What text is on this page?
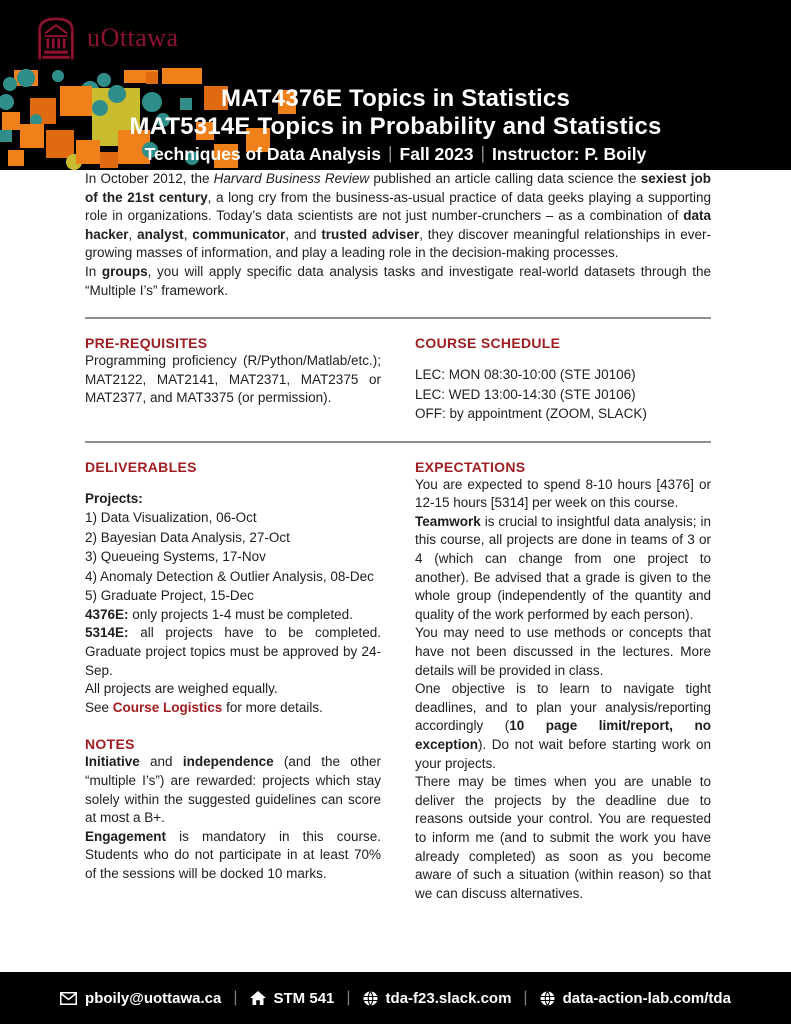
uOttawa
MAT4376E Topics in Statistics
MAT5314E Topics in Probability and Statistics
Techniques of Data Analysis | Fall 2023 | Instructor: P. Boily

In October 2012, the Harvard Business Review published an article calling data science the sexiest job of the 21st century, a long cry from the business-as-usual practice of data geeks playing a supporting role in organizations. Today’s data scientists are not just number-crunchers – as a combination of data hacker, analyst, communicator, and trusted adviser, they discover meaningful relationships in ever-growing masses of information, and play a leading role in the decision-making processes.

In groups, you will apply specific data analysis tasks and investigate real-world datasets through the “Multiple I’s” framework.

PRE-REQUISITES

Programming proficiency (R/Python/Matlab/etc.); MAT2122, MAT2141, MAT2371, MAT2375 or MAT2377, and MAT3375 (or permission).

COURSE SCHEDULE
LEC: MON 08:30-10:00 (STE J0106)
LEC: WED 13:00-14:30 (STE J0106)
OFF: by appointment (ZOOM, SLACK)
DELIVERABLES
Projects:
1) Data Visualization, 06-Oct
2) Bayesian Data Analysis, 27-Oct
3) Queueing Systems, 17-Nov
4) Anomaly Detection & Outlier Analysis, 08-Dec
5) Graduate Project, 15-Dec

4376E: only projects 1-4 must be completed.

5314E: all projects have to be completed. Graduate project topics must be approved by 24-Sep.

All projects are weighed equally.

See Course Logistics for more details.

NOTES

Initiative and independence (and the other “multiple I’s”) are rewarded: projects which stay solely within the suggested guidelines can score at most a B+.

Engagement is mandatory in this course. Students who do not participate in at least 70% of the sessions will be docked 10 marks.

EXPECTATIONS

You are expected to spend 8-10 hours [4376] or 12-15 hours [5314] per week on this course.

Teamwork is crucial to insightful data analysis; in this course, all projects are done in teams of 3 or 4 (which can change from one project to another). Be advised that a grade is given to the whole group (independently of the quantity and quality of the work performed by each person).

You may need to use methods or concepts that have not been discussed in the lectures. More details will be provided in class.

One objective is to learn to navigate tight deadlines, and to plan your analysis/reporting accordingly (10 page limit/report, no exception). Do not wait before starting work on your projects.

There may be times when you are unable to deliver the projects by the deadline due to reasons outside your control. You are requested to inform me (and to submit the work you have already completed) as soon as you become aware of such a situation (within reason) so that we can discuss alternatives.

pboily@uottawa.ca | STM 541 | tda-f23.slack.com | data-action-lab.com/tda
